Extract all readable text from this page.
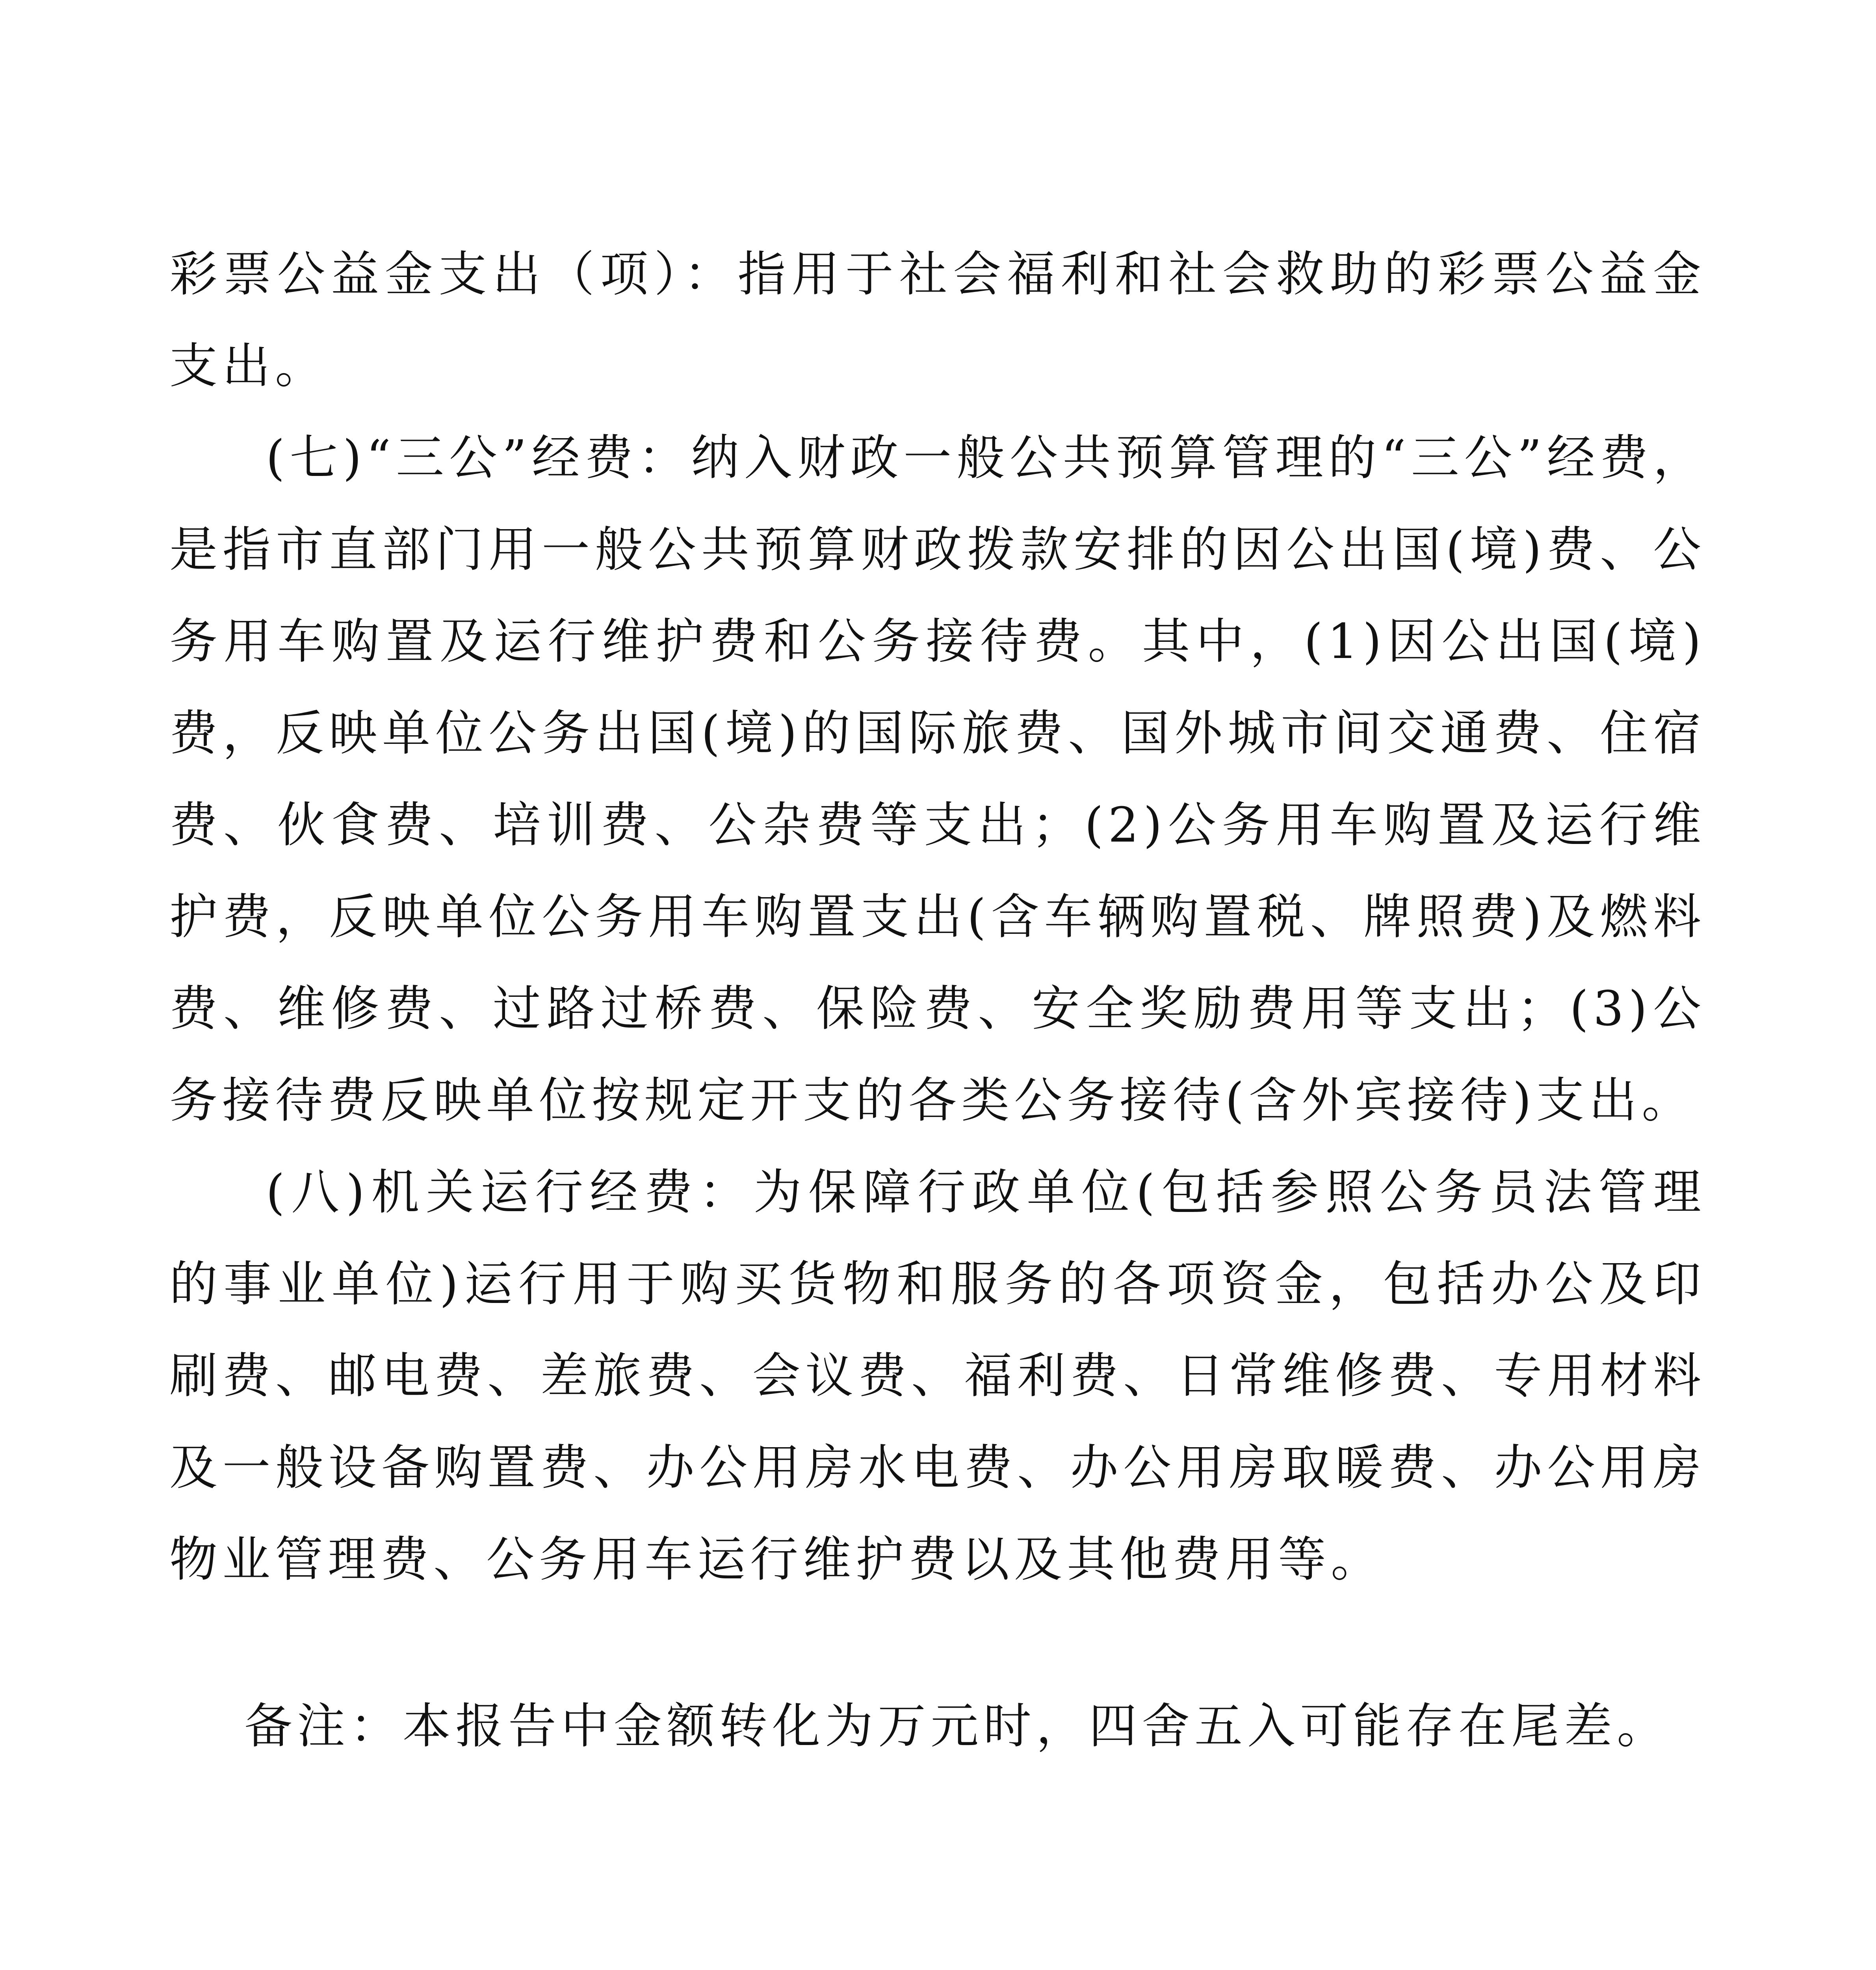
彩票公益金支出（项）：指用于社会福利和社会救助的彩票公益金支出。

(七)“三公”经费：纳入财政一般公共预算管理的“三公”经费，是指市直部门用一般公共预算财政拨款安排的因公出国(境)费、公务用车购置及运行维护费和公务接待费。其中，(1)因公出国(境)费，反映单位公务出国(境)的国际旅费、国外城市间交通费、住宿费、伙食费、培训费、公杂费等支出；(2)公务用车购置及运行维护费，反映单位公务用车购置支出(含车辆购置税、牌照费)及燃料费、维修费、过路过桥费、保险费、安全奖励费用等支出；(3)公务接待费反映单位按规定开支的各类公务接待(含外宾接待)支出。

(八)机关运行经费：为保障行政单位(包括参照公务员法管理的事业单位)运行用于购买货物和服务的各项资金，包括办公及印刷费、邮电费、差旅费、会议费、福利费、日常维修费、专用材料及一般设备购置费、办公用房水电费、办公用房取暖费、办公用房物业管理费、公务用车运行维护费以及其他费用等。

备注：本报告中金额转化为万元时，四舍五入可能存在尾差。
